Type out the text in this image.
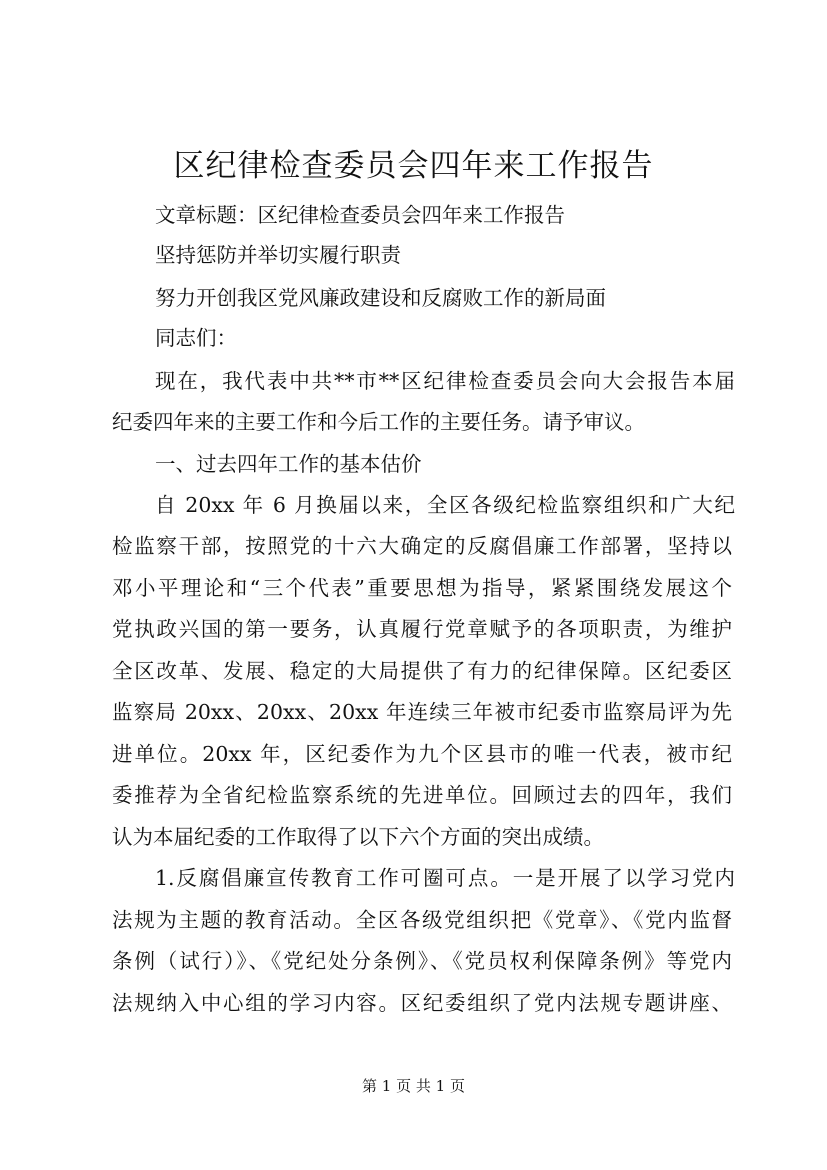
区纪律检查委员会四年来工作报告

文章标题：区纪律检查委员会四年来工作报告

坚持惩防并举切实履行职责

努力开创我区党风廉政建设和反腐败工作的新局面

同志们：

现在，我代表中共**市**区纪律检查委员会向大会报告本届

纪委四年来的主要工作和今后工作的主要任务。请予审议。

一、过去四年工作的基本估价

自 20xx 年 6 月换届以来，全区各级纪检监察组织和广大纪

检监察干部，按照党的十六大确定的反腐倡廉工作部署，坚持以

邓小平理论和“三个代表”重要思想为指导，紧紧围绕发展这个

党执政兴国的第一要务，认真履行党章赋予的各项职责，为维护

全区改革、发展、稳定的大局提供了有力的纪律保障。区纪委区

监察局 20xx、20xx、20xx 年连续三年被市纪委市监察局评为先

进单位。20xx 年，区纪委作为九个区县市的唯一代表，被市纪

委推荐为全省纪检监察系统的先进单位。回顾过去的四年，我们

认为本届纪委的工作取得了以下六个方面的突出成绩。

1.反腐倡廉宣传教育工作可圈可点。一是开展了以学习党内

法规为主题的教育活动。全区各级党组织把《党章》、《党内监督

条例（试行）》、《党纪处分条例》、《党员权利保障条例》等党内

法规纳入中心组的学习内容。区纪委组织了党内法规专题讲座、

第 1 页 共 1 页
